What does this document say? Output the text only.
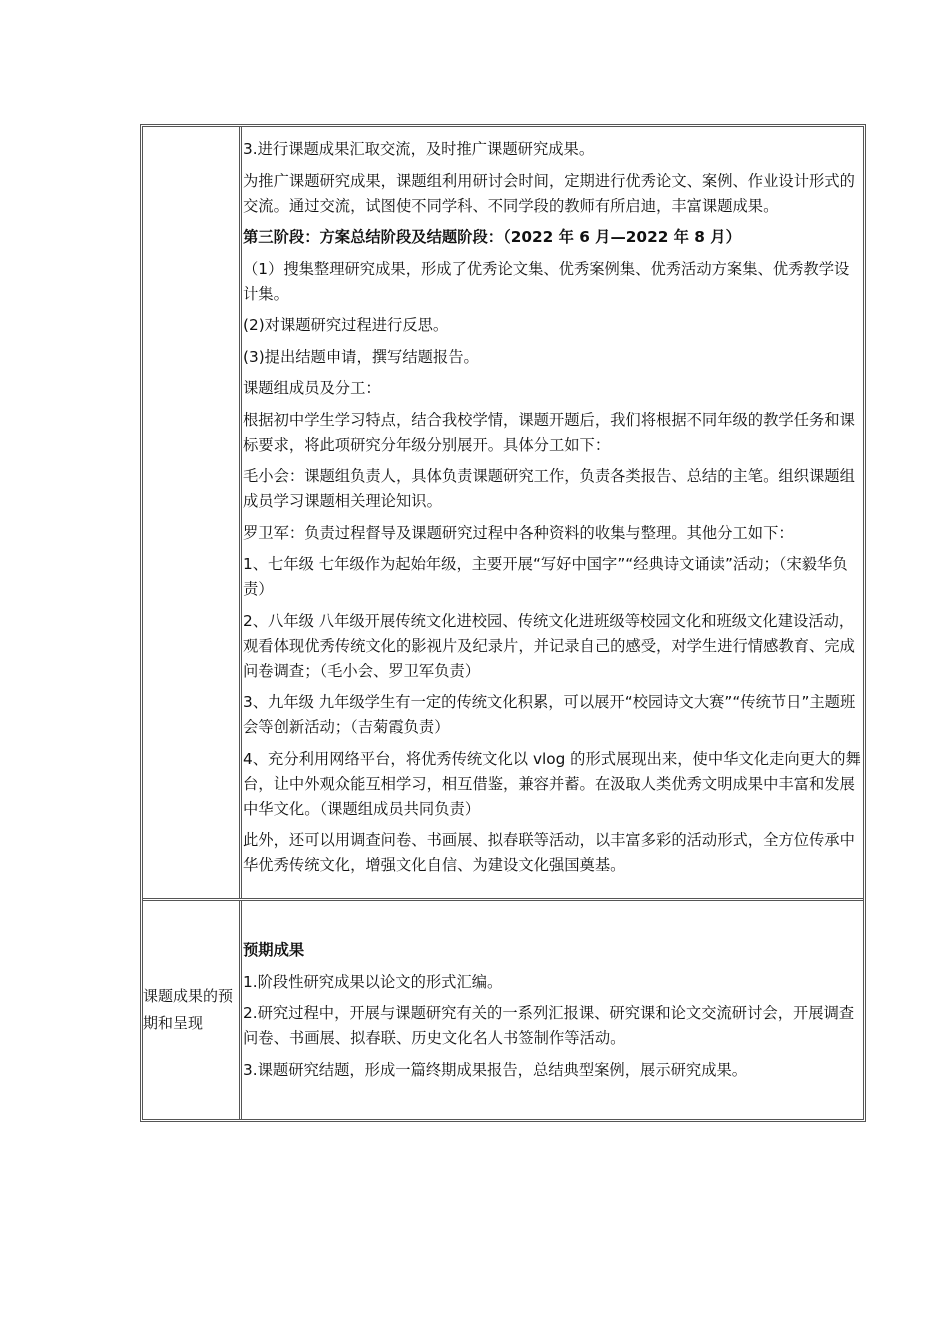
3.进行课题成果汇取交流，及时推广课题研究成果。

为推广课题研究成果，课题组利用研讨会时间，定期进行优秀论文、案例、作业设计形式的交流。通过交流，试图使不同学科、不同学段的教师有所启迪，丰富课题成果。

第三阶段：方案总结阶段及结题阶段：（2022 年 6 月—2022 年 8 月）

（1）搜集整理研究成果，形成了优秀论文集、优秀案例集、优秀活动方案集、优秀教学设计集。

(2)对课题研究过程进行反思。

(3)提出结题申请，撰写结题报告。

课题组成员及分工：

根据初中学生学习特点，结合我校学情，课题开题后，我们将根据不同年级的教学任务和课标要求，将此项研究分年级分别展开。具体分工如下：

毛小会：课题组负责人，具体负责课题研究工作，负责各类报告、总结的主笔。组织课题组成员学习课题相关理论知识。

罗卫军：负责过程督导及课题研究过程中各种资料的收集与整理。其他分工如下：

1、七年级 七年级作为起始年级，主要开展“写好中国字”“经典诗文诵读”活动；（宋毅华负责）

2、八年级 八年级开展传统文化进校园、传统文化进班级等校园文化和班级文化建设活动，观看体现优秀传统文化的影视片及纪录片，并记录自己的感受，对学生进行情感教育、完成问卷调查；（毛小会、罗卫军负责）

3、九年级 九年级学生有一定的传统文化积累，可以展开“校园诗文大赛”“传统节日”主题班会等创新活动；（吉菊霞负责）

4、充分利用网络平台，将优秀传统文化以 vlog 的形式展现出来，使中华文化走向更大的舞台，让中外观众能互相学习，相互借鉴，兼容并蓄。在汲取人类优秀文明成果中丰富和发展中华文化。（课题组成员共同负责）

此外，还可以用调查问卷、书画展、拟春联等活动，以丰富多彩的活动形式，全方位传承中华优秀传统文化，增强文化自信、为建设文化强国奠基。

课题成果的预期和呈现

预期成果

1.阶段性研究成果以论文的形式汇编。

2.研究过程中，开展与课题研究有关的一系列汇报课、研究课和论文交流研讨会，开展调查问卷、书画展、拟春联、历史文化名人书签制作等活动。

3.课题研究结题，形成一篇终期成果报告，总结典型案例，展示研究成果。
